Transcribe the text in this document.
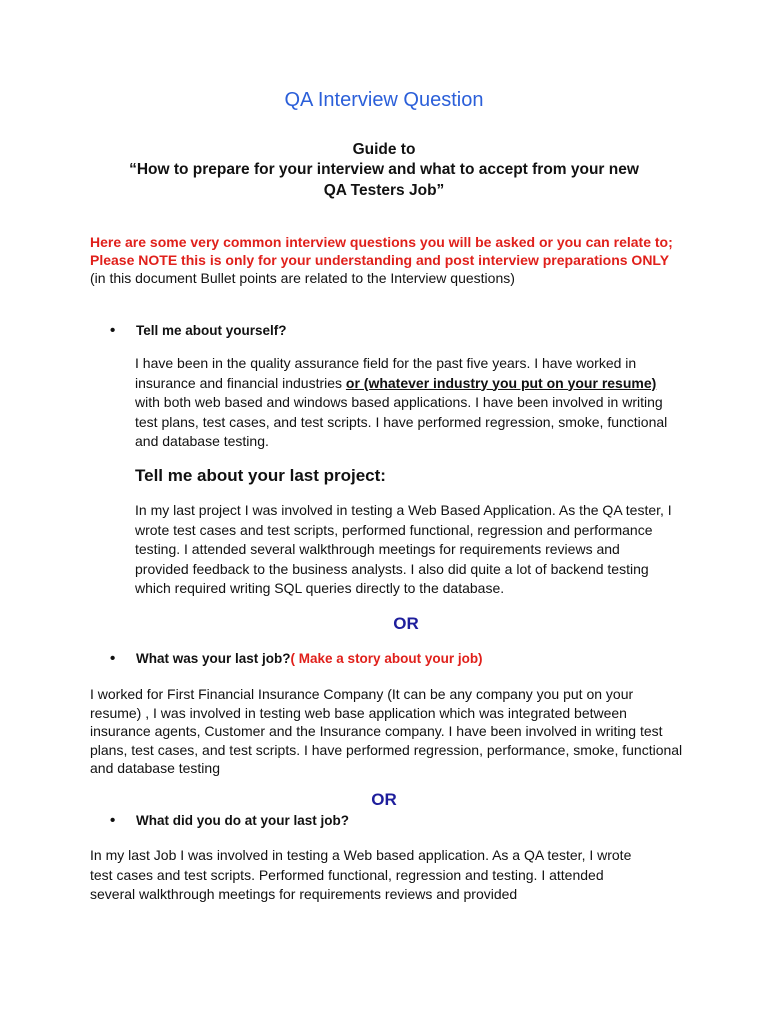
QA Interview Question
Guide to
“How to prepare for your interview and what to accept from your new
QA Testers Job”

Here are some very common interview questions you will be asked or you can relate to; Please NOTE this is only for your understanding and post interview preparations ONLY (in this document Bullet points are related to the Interview questions)

• Tell me about yourself?

I have been in the quality assurance field for the past five years. I have worked in insurance and financial industries or (whatever industry you put on your resume) with both web based and windows based applications. I have been involved in writing test plans, test cases, and test scripts. I have performed regression, smoke, functional and database testing.

Tell me about your last project:

In my last project I was involved in testing a Web Based Application. As the QA tester, I wrote test cases and test scripts, performed functional, regression and performance testing. I attended several walkthrough meetings for requirements reviews and provided feedback to the business analysts. I also did quite a lot of backend testing which required writing SQL queries directly to the database.

OR
• What was your last job?( Make a story about your job)

I worked for First Financial Insurance Company (It can be any company you put on your resume) , I was involved in testing web base application which was integrated between insurance agents, Customer and the Insurance company. I have been involved in writing test plans, test cases, and test scripts. I have performed regression, performance, smoke, functional and database testing

OR
• What did you do at your last job?

In my last Job I was involved in testing a Web based application. As a QA tester, I wrote test cases and test scripts. Performed functional, regression and testing. I attended several walkthrough meetings for requirements reviews and provided
